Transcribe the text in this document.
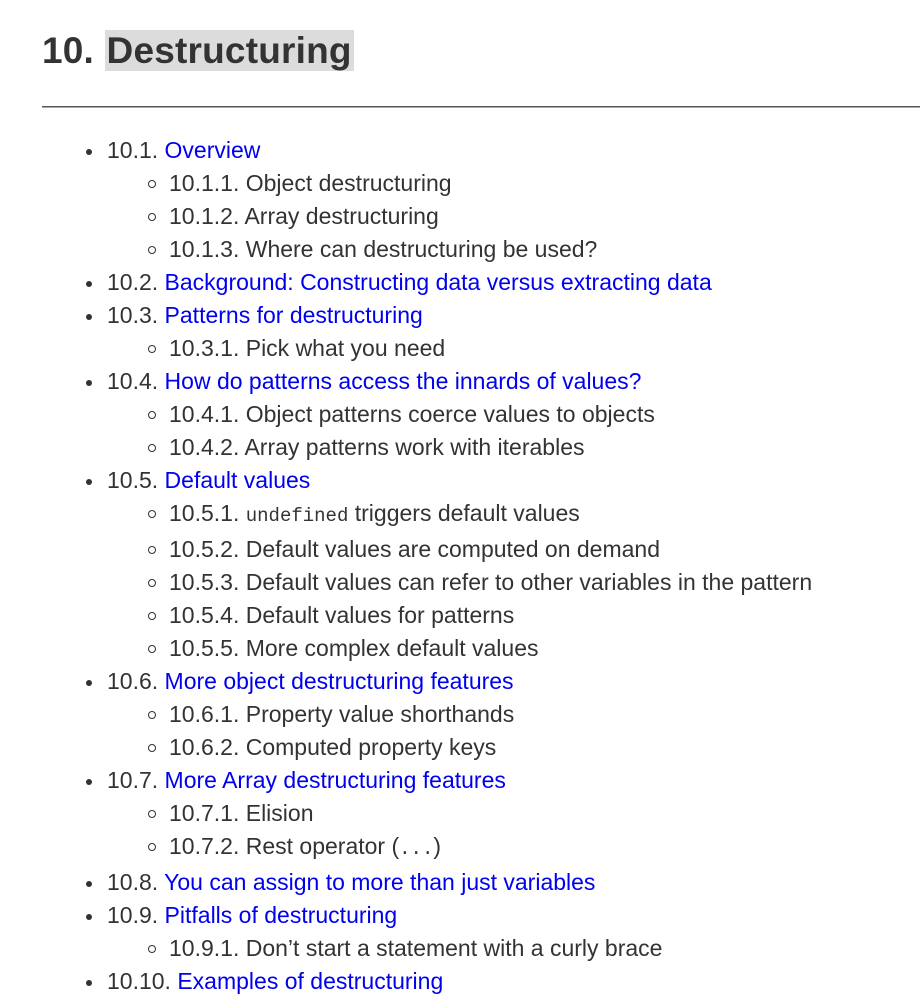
10. Destructuring
10.1. Overview
10.1.1. Object destructuring
10.1.2. Array destructuring
10.1.3. Where can destructuring be used?
10.2. Background: Constructing data versus extracting data
10.3. Patterns for destructuring
10.3.1. Pick what you need
10.4. How do patterns access the innards of values?
10.4.1. Object patterns coerce values to objects
10.4.2. Array patterns work with iterables
10.5. Default values
10.5.1. undefined triggers default values
10.5.2. Default values are computed on demand
10.5.3. Default values can refer to other variables in the pattern
10.5.4. Default values for patterns
10.5.5. More complex default values
10.6. More object destructuring features
10.6.1. Property value shorthands
10.6.2. Computed property keys
10.7. More Array destructuring features
10.7.1. Elision
10.7.2. Rest operator (...)
10.8. You can assign to more than just variables
10.9. Pitfalls of destructuring
10.9.1. Don’t start a statement with a curly brace
10.10. Examples of destructuring
